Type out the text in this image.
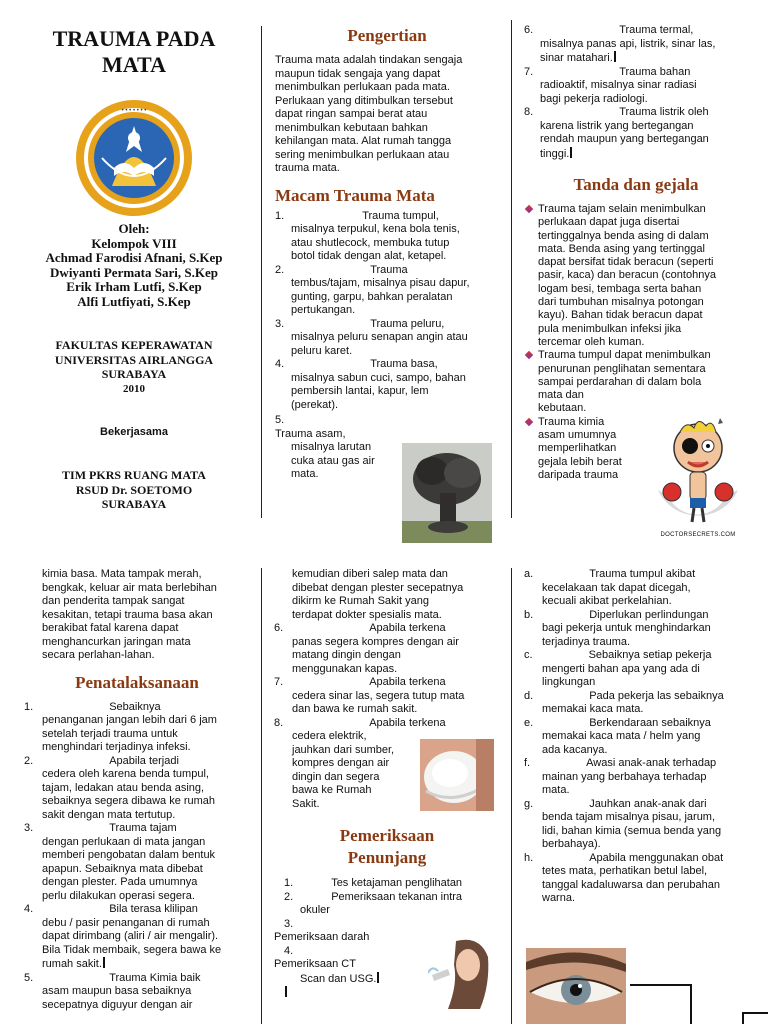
TRAUMA PADA
MATA
• • • • • • •
Oleh:
Kelompok VIII
Achmad Farodisi Afnani, S.Kep
Dwiyanti Permata Sari, S.Kep
Erik Irham Lutfi, S.Kep
Alfi Lutfiyati, S.Kep
FAKULTAS KEPERAWATAN
UNIVERSITAS AIRLANGGA
SURABAYA
2010
Bekerjasama
TIM PKRS RUANG MATA
RSUD Dr. SOETOMO
SURABAYA
Pengertian
Trauma mata adalah tindakan sengaja
maupun tidak sengaja yang dapat
menimbulkan perlukaan pada mata.
Perlukaan yang ditimbulkan tersebut
dapat ringan sampai berat atau
menimbulkan kebutaan bahkan
kehilangan mata. Alat rumah tangga
sering menimbulkan perlukaan atau
trauma mata.
Macam Trauma Mata
1.	Trauma tumpul,
misalnya terpukul, kena bola tenis,
atau shutlecock, membuka tutup
botol tidak dengan alat, ketapel.
2.	Trauma
tembus/tajam, misalnya pisau dapur,
gunting, garpu, bahkan peralatan
pertukangan.
3.	Trauma peluru,
misalnya peluru senapan angin atau
peluru karet.
4.	Trauma basa,
misalnya sabun cuci, sampo, bahan
pembersih lantai, kapur, lem
(perekat).
5.
Trauma asam,
misalnya larutan
cuka atau gas air
mata.
6.	Trauma termal,
misalnya panas api, listrik, sinar las,
sinar matahari.
7.	Trauma bahan
radioaktif, misalnya sinar radiasi
bagi pekerja radiologi.
8.	Trauma listrik oleh
karena listrik yang bertegangan
rendah maupun yang bertegangan
tinggi.
Tanda dan gejala
Trauma tajam selain menimbulkan
perlukaan dapat juga disertai
tertinggalnya benda asing di dalam
mata. Benda asing yang tertinggal
dapat bersifat tidak beracun (seperti
pasir, kaca) dan beracun (contohnya
logam besi, tembaga serta bahan
dari tumbuhan misalnya potongan
kayu). Bahan tidak beracun dapat
pula menimbulkan infeksi jika
tercemar oleh kuman.
Trauma tumpul dapat menimbulkan
penurunan penglihatan sementara
sampai perdarahan di dalam bola
mata dan
kebutaan.
Trauma kimia
asam umumnya
memperlihatkan
gejala lebih berat
daripada trauma
DOCTORSECRETS.COM
kimia basa. Mata tampak merah,
bengkak, keluar air mata berlebihan
dan penderita tampak sangat
kesakitan, tetapi trauma basa akan
berakibat fatal karena dapat
menghancurkan jaringan mata
secara perlahan-lahan.
Penatalaksanaan
1.	Sebaiknya
penanganan jangan lebih dari 6 jam
setelah terjadi trauma untuk
menghindari terjadinya infeksi.
2.	Apabila terjadi
cedera oleh karena benda tumpul,
tajam, ledakan atau benda asing,
sebaiknya segera dibawa ke rumah
sakit dengan mata tertutup.
3.	Trauma tajam
dengan perlukaan di mata jangan
memberi pengobatan dalam bentuk
apapun. Sebaiknya mata dibebat
dengan plester. Pada umumnya
perlu dilakukan operasi segera.
4.	Bila terasa klilipan
debu / pasir penanganan di rumah
dapat dirimbang (aliri / air mengalir).
Bila Tidak membaik, segera bawa ke
rumah sakit.
5.	Trauma Kimia baik
asam maupun basa sebaiknya
secepatnya diguyur dengan air
kemudian diberi salep mata dan
dibebat dengan plester secepatnya
dikirm ke Rumah Sakit yang
terdapat dokter spesialis mata.
6.	Apabila terkena
panas segera kompres dengan air
matang dingin dengan
menggunakan kapas.
7.	Apabila terkena
cedera sinar las, segera tutup mata
dan bawa ke rumah sakit.
8.	Apabila terkena
cedera elektrik,
jauhkan dari sumber,
kompres dengan air
dingin dan segera
bawa ke Rumah
Sakit.
Pemeriksaan
Penunjang
1.	Tes ketajaman penglihatan
2.	Pemeriksaan tekanan intra
okuler
3.
Pemeriksaan darah
4.
Pemeriksaan CT
Scan dan USG.
a.	Trauma tumpul akibat
kecelakaan tak dapat dicegah,
kecuali akibat perkelahian.
b.	Diperlukan perlindungan
bagi pekerja untuk menghindarkan
terjadinya trauma.
c.	Sebaiknya setiap pekerja
mengerti bahan apa yang ada di
lingkungan
d.	Pada pekerja las sebaiknya
memakai kaca mata.
e.	Berkendaraan sebaiknya
memakai kaca mata / helm yang
ada kacanya.
f.	Awasi anak-anak terhadap
mainan yang berbahaya terhadap
mata.
g.	Jauhkan anak-anak dari
benda tajam misalnya pisau, jarum,
lidi, bahan kimia (semua benda yang
berbahaya).
h.	Apabila menggunakan obat
tetes mata, perhatikan betul label,
tanggal kadaluwarsa dan perubahan
warna.
